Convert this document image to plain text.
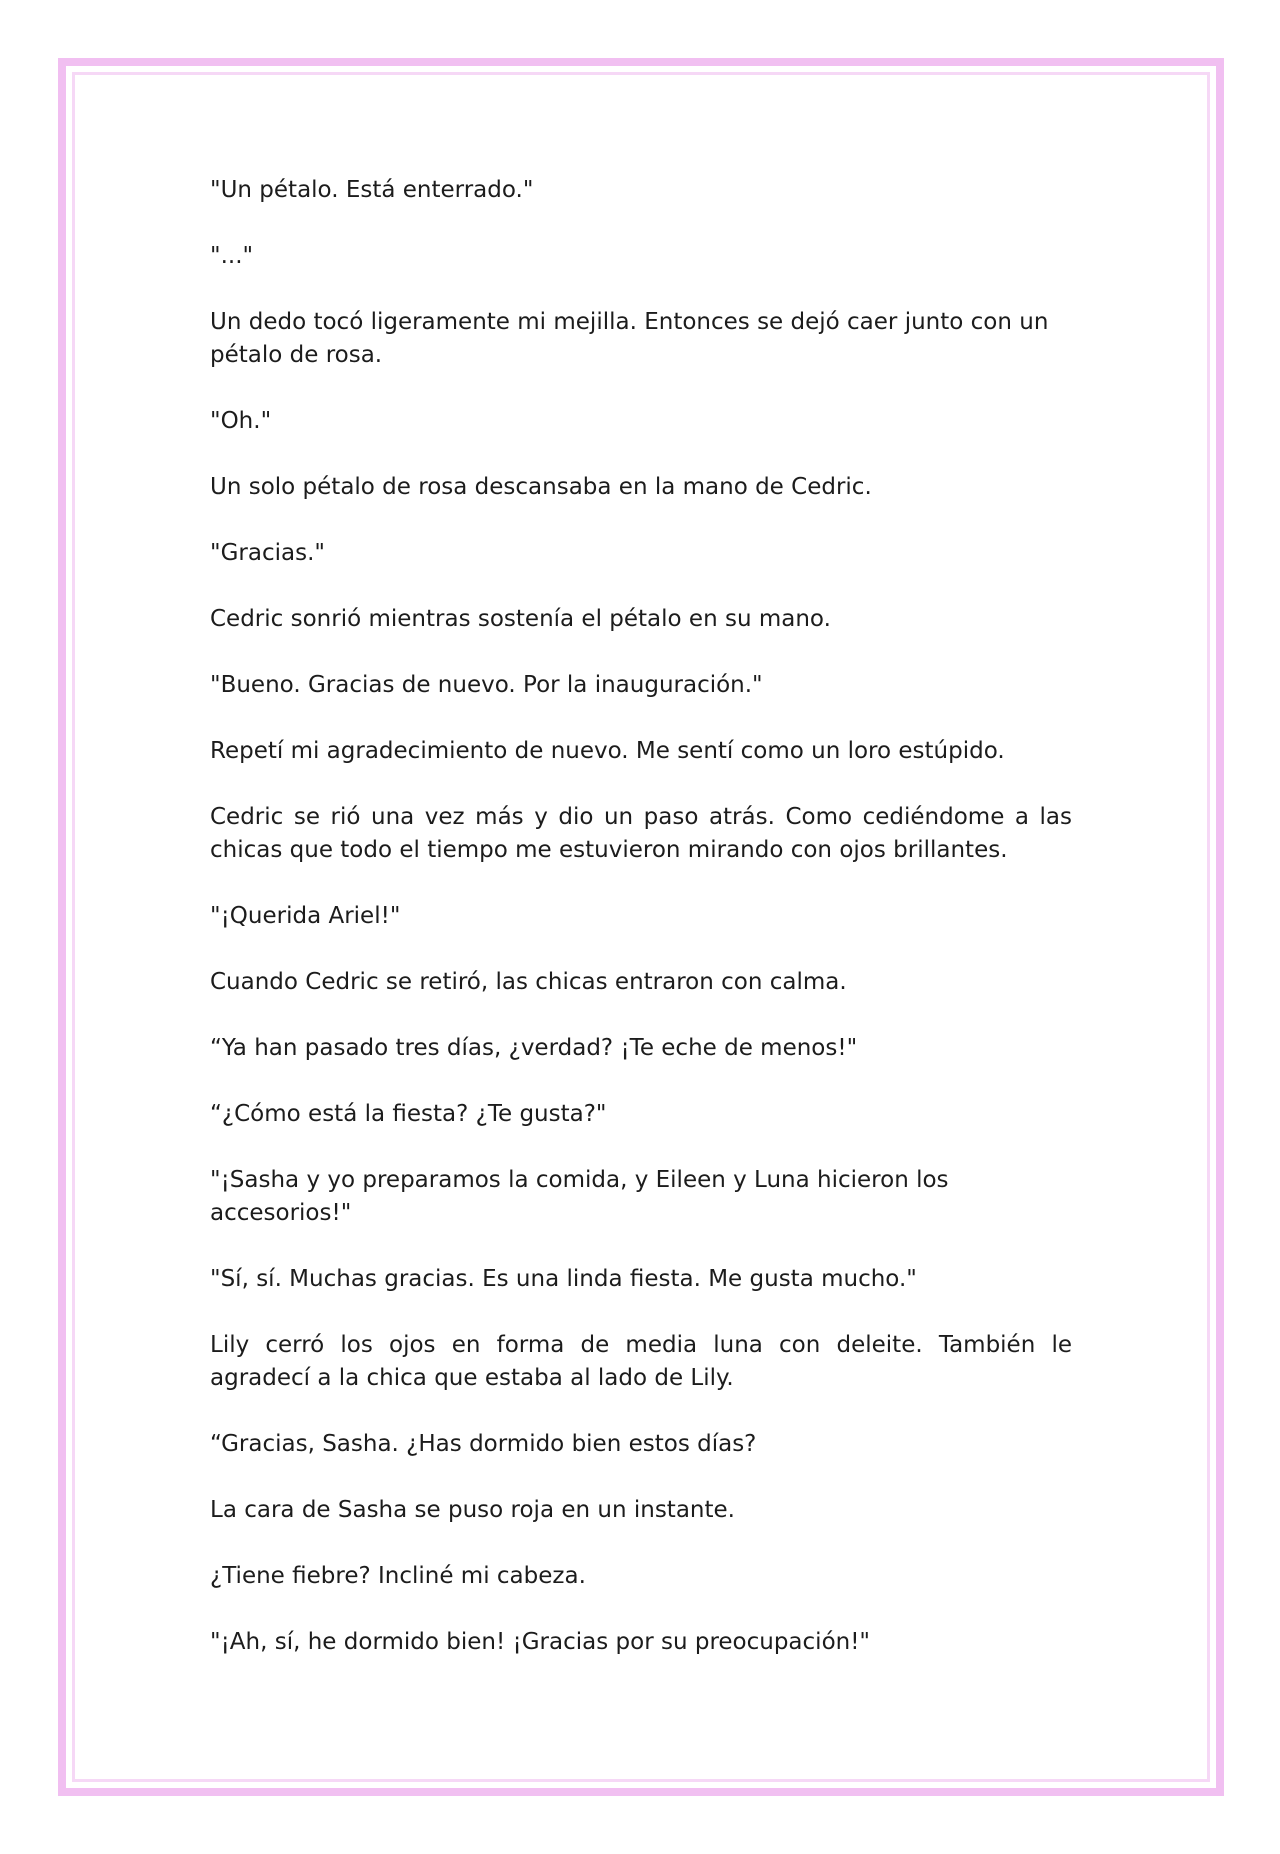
"Un pétalo. Está enterrado."

"..."

Un dedo tocó ligeramente mi mejilla. Entonces se dejó caer junto con un pétalo de rosa.

"Oh."

Un solo pétalo de rosa descansaba en la mano de Cedric.

"Gracias."

Cedric sonrió mientras sostenía el pétalo en su mano.

"Bueno. Gracias de nuevo. Por la inauguración."

Repetí mi agradecimiento de nuevo. Me sentí como un loro estúpido.

Cedric se rió una vez más y dio un paso atrás. Como cediéndome a las chicas que todo el tiempo me estuvieron mirando con ojos brillantes.

"¡Querida Ariel!"

Cuando Cedric se retiró, las chicas entraron con calma.

“Ya han pasado tres días, ¿verdad? ¡Te eche de menos!"

“¿Cómo está la fiesta? ¿Te gusta?"

"¡Sasha y yo preparamos la comida, y Eileen y Luna hicieron los accesorios!"

"Sí, sí. Muchas gracias. Es una linda fiesta. Me gusta mucho."

Lily cerró los ojos en forma de media luna con deleite. También le agradecí a la chica que estaba al lado de Lily.

“Gracias, Sasha. ¿Has dormido bien estos días?

La cara de Sasha se puso roja en un instante.

¿Tiene fiebre? Incliné mi cabeza.

"¡Ah, sí, he dormido bien! ¡Gracias por su preocupación!"
